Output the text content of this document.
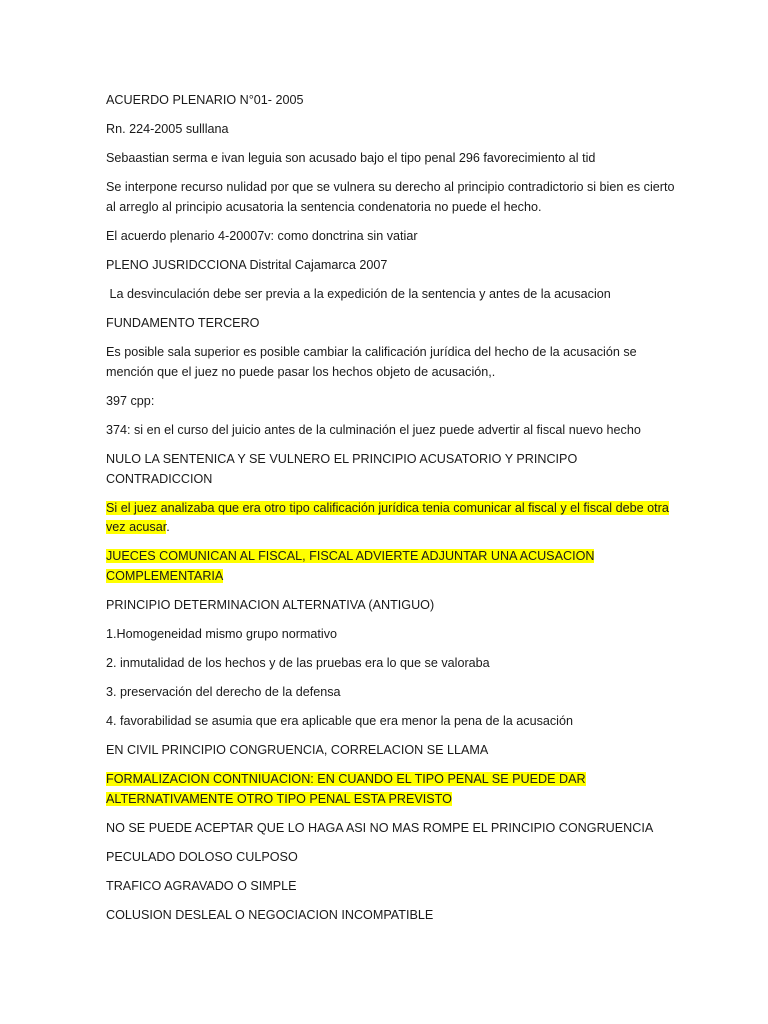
ACUERDO PLENARIO N°01- 2005

Rn. 224-2005 sulllana

Sebaastian serma e ivan leguia son acusado bajo el tipo penal 296 favorecimiento al tid

Se interpone recurso nulidad por que se vulnera su derecho al principio contradictorio si bien es cierto al arreglo al principio acusatoria la sentencia condenatoria no puede el hecho.

El acuerdo plenario 4-20007v: como donctrina sin vatiar

PLENO JUSRIDCCIONA Distrital Cajamarca 2007

La desvinculación debe ser previa a la expedición de la sentencia y antes de la acusacion

FUNDAMENTO TERCERO

Es posible sala superior es posible cambiar la calificación jurídica del hecho de la acusación se mención que el juez no puede pasar los hechos objeto de acusación,.

397 cpp:

374: si en el curso del juicio antes de la culminación el juez puede advertir al fiscal nuevo hecho

NULO LA SENTENICA Y SE VULNERO EL PRINCIPIO ACUSATORIO Y PRINCIPO CONTRADICCION

Si el juez analizaba que era otro tipo calificación jurídica tenia comunicar al fiscal y el fiscal debe otra vez acusar.

JUECES COMUNICAN AL FISCAL, FISCAL ADVIERTE ADJUNTAR UNA ACUSACION COMPLEMENTARIA

PRINCIPIO DETERMINACION ALTERNATIVA (ANTIGUO)

1.Homogeneidad mismo grupo normativo

2. inmutalidad de los hechos y de las pruebas era lo que se valoraba

3. preservación del derecho de la defensa

4. favorabilidad se asumia que era aplicable que era menor la pena de la acusación

EN CIVIL PRINCIPIO CONGRUENCIA, CORRELACION SE LLAMA

FORMALIZACION CONTNIUACION: EN CUANDO EL TIPO PENAL SE PUEDE DAR ALTERNATIVAMENTE OTRO TIPO PENAL ESTA PREVISTO

NO SE PUEDE ACEPTAR QUE LO HAGA ASI NO MAS ROMPE EL PRINCIPIO CONGRUENCIA

PECULADO DOLOSO CULPOSO

TRAFICO AGRAVADO O SIMPLE

COLUSION DESLEAL O NEGOCIACION INCOMPATIBLE
